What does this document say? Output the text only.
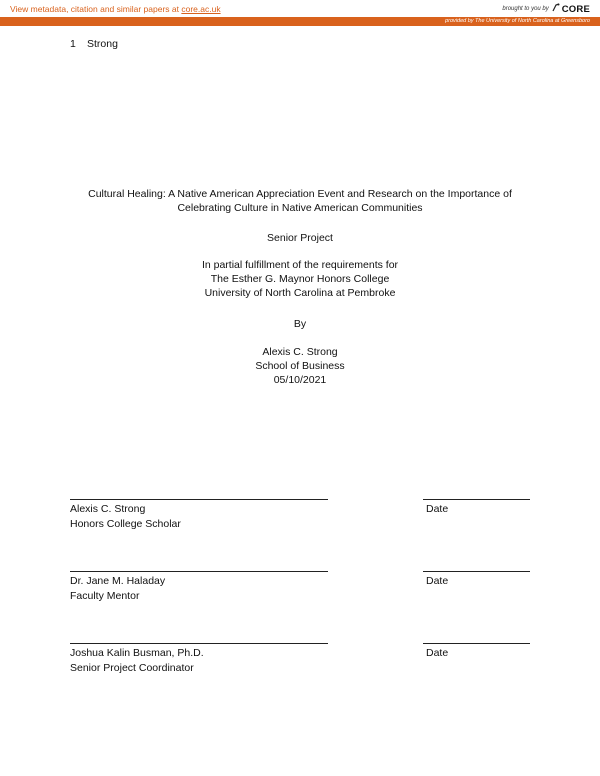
View metadata, citation and similar papers at core.ac.uk	brought to you by CORE
provided by The University of North Carolina at Greensboro
1 Strong
Cultural Healing: A Native American Appreciation Event and Research on the Importance of
Celebrating Culture in Native American Communities
Senior Project
In partial fulfillment of the requirements for
The Esther G. Maynor Honors College
University of North Carolina at Pembroke
By
Alexis C. Strong
School of Business
05/10/2021
Alexis C. Strong	Date
Honors College Scholar
Dr. Jane M. Haladay	Date
Faculty Mentor
Joshua Kalin Busman, Ph.D.	Date
Senior Project Coordinator
